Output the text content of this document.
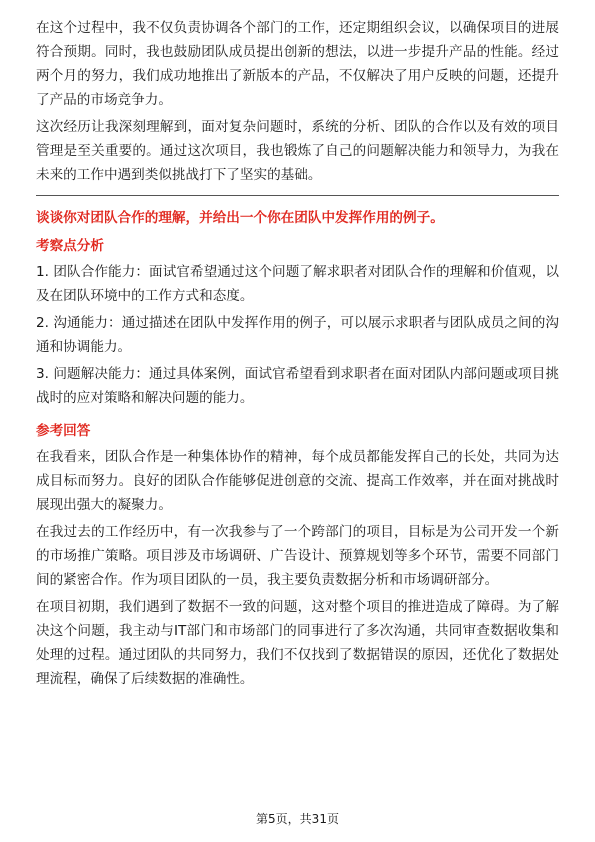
在这个过程中，我不仅负责协调各个部门的工作，还定期组织会议，以确保项目的进展符合预期。同时，我也鼓励团队成员提出创新的想法，以进一步提升产品的性能。经过两个月的努力，我们成功地推出了新版本的产品，不仅解决了用户反映的问题，还提升了产品的市场竞争力。

这次经历让我深刻理解到，面对复杂问题时，系统的分析、团队的合作以及有效的项目管理是至关重要的。通过这次项目，我也锻炼了自己的问题解决能力和领导力，为我在未来的工作中遇到类似挑战打下了坚实的基础。

谈谈你对团队合作的理解，并给出一个你在团队中发挥作用的例子。

考察点分析

1. 团队合作能力：面试官希望通过这个问题了解求职者对团队合作的理解和价值观，以及在团队环境中的工作方式和态度。

2. 沟通能力：通过描述在团队中发挥作用的例子，可以展示求职者与团队成员之间的沟通和协调能力。

3. 问题解决能力：通过具体案例，面试官希望看到求职者在面对团队内部问题或项目挑战时的应对策略和解决问题的能力。

参考回答

在我看来，团队合作是一种集体协作的精神，每个成员都能发挥自己的长处，共同为达成目标而努力。良好的团队合作能够促进创意的交流、提高工作效率，并在面对挑战时展现出强大的凝聚力。

在我过去的工作经历中，有一次我参与了一个跨部门的项目，目标是为公司开发一个新的市场推广策略。项目涉及市场调研、广告设计、预算规划等多个环节，需要不同部门间的紧密合作。作为项目团队的一员，我主要负责数据分析和市场调研部分。

在项目初期，我们遇到了数据不一致的问题，这对整个项目的推进造成了障碍。为了解决这个问题，我主动与IT部门和市场部门的同事进行了多次沟通，共同审查数据收集和处理的过程。通过团队的共同努力，我们不仅找到了数据错误的原因，还优化了数据处理流程，确保了后续数据的准确性。

第5页，共31页
